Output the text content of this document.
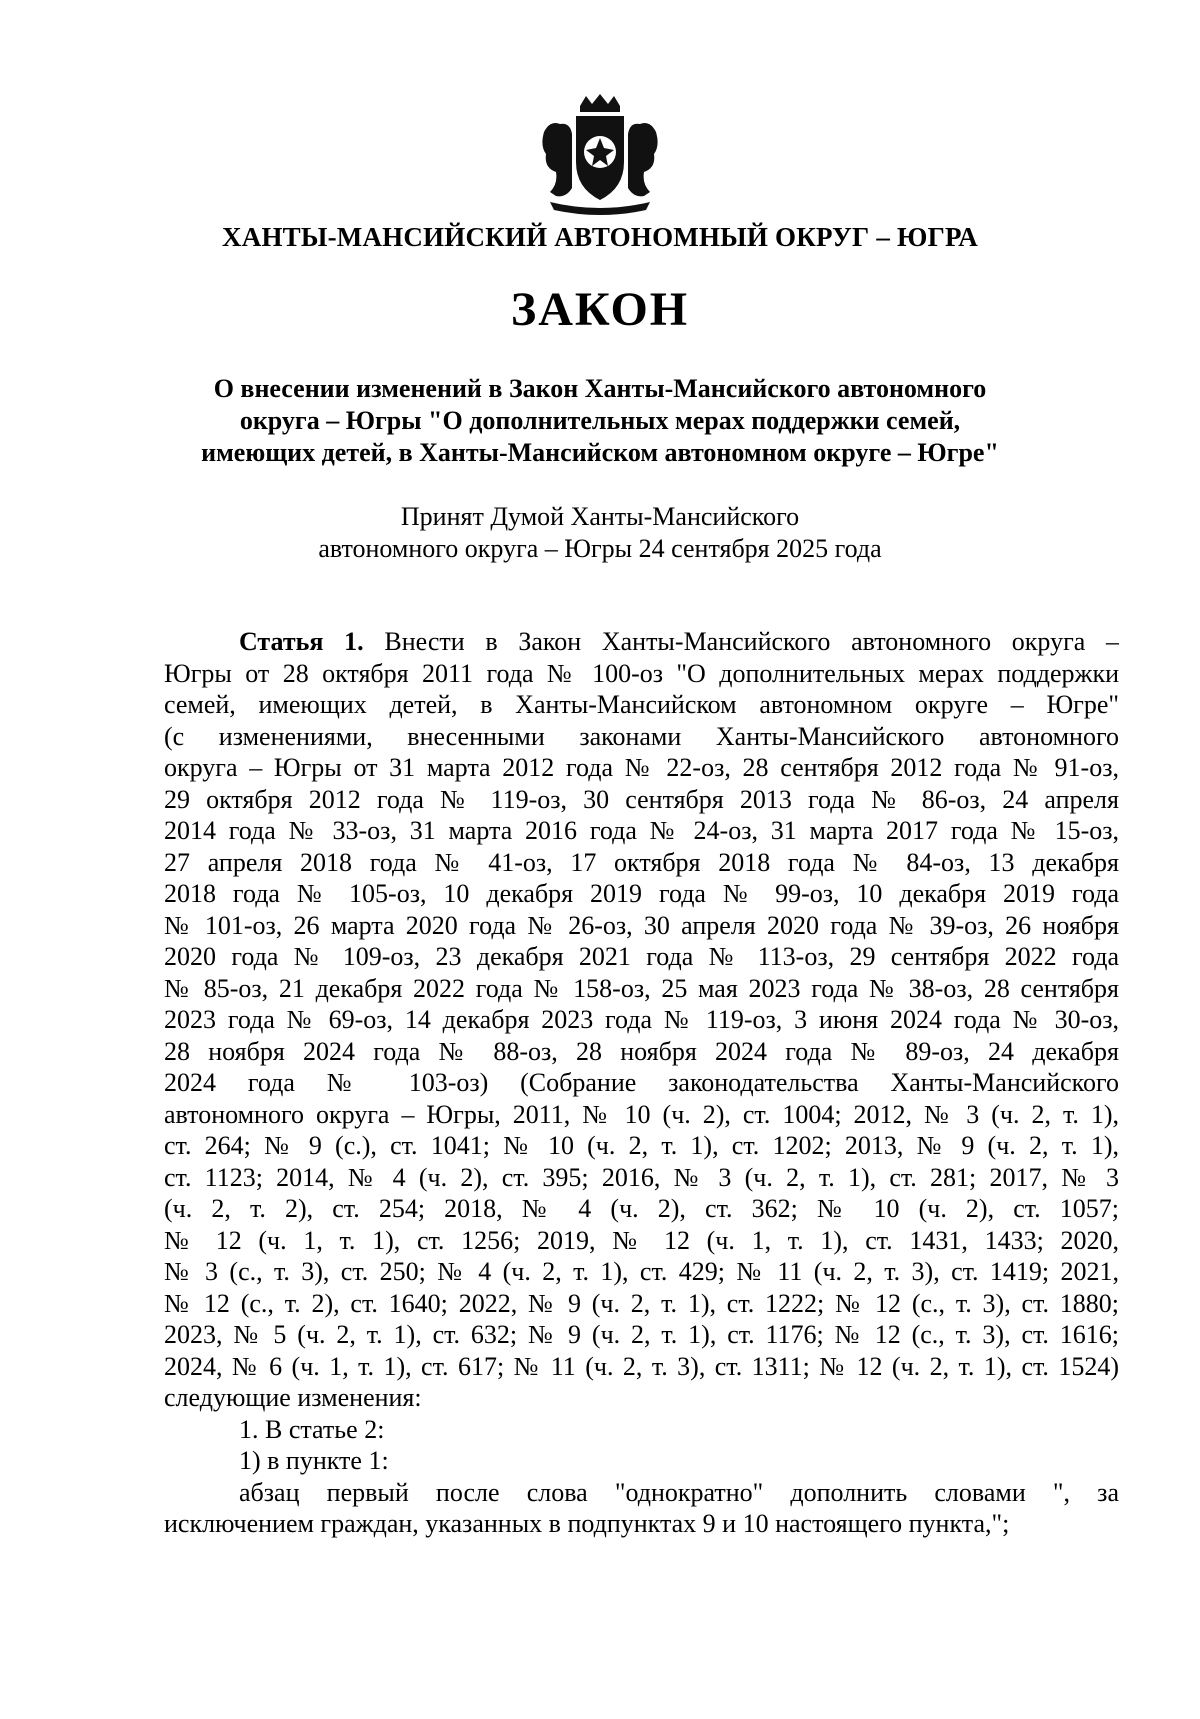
ХАНТЫ-МАНСИЙСКИЙ АВТОНОМНЫЙ ОКРУГ – ЮГРА
ЗАКОН
О внесении изменений в Закон Ханты-Мансийского автономного
округа – Югры "О дополнительных мерах поддержки семей,
имеющих детей, в Ханты-Мансийском автономном округе – Югре"
Принят Думой Ханты-Мансийского
автономного округа – Югры 24 сентября 2025 года
Статья 1. Внести в Закон Ханты-Мансийского автономного округа –
Югры от 28 октября 2011 года № 100-оз "О дополнительных мерах поддержки
семей, имеющих детей, в Ханты-Мансийском автономном округе – Югре"
(с изменениями, внесенными законами Ханты-Мансийского автономного
округа – Югры от 31 марта 2012 года № 22-оз, 28 сентября 2012 года № 91-оз,
29 октября 2012 года № 119-оз, 30 сентября 2013 года № 86-оз, 24 апреля
2014 года № 33-оз, 31 марта 2016 года № 24-оз, 31 марта 2017 года № 15-оз,
27 апреля 2018 года № 41-оз, 17 октября 2018 года № 84-оз, 13 декабря
2018 года № 105-оз, 10 декабря 2019 года № 99-оз, 10 декабря 2019 года
№ 101-оз, 26 марта 2020 года № 26-оз, 30 апреля 2020 года № 39-оз, 26 ноября
2020 года № 109-оз, 23 декабря 2021 года № 113-оз, 29 сентября 2022 года
№ 85-оз, 21 декабря 2022 года № 158-оз, 25 мая 2023 года № 38-оз, 28 сентября
2023 года № 69-оз, 14 декабря 2023 года № 119-оз, 3 июня 2024 года № 30-оз,
28 ноября 2024 года № 88-оз, 28 ноября 2024 года № 89-оз, 24 декабря
2024 года № 103-оз) (Собрание законодательства Ханты-Мансийского
автономного округа – Югры, 2011, № 10 (ч. 2), ст. 1004; 2012, № 3 (ч. 2, т. 1),
ст. 264; № 9 (с.), ст. 1041; № 10 (ч. 2, т. 1), ст. 1202; 2013, № 9 (ч. 2, т. 1),
ст. 1123; 2014, № 4 (ч. 2), ст. 395; 2016, № 3 (ч. 2, т. 1), ст. 281; 2017, № 3
(ч. 2, т. 2), ст. 254; 2018, № 4 (ч. 2), ст. 362; № 10 (ч. 2), ст. 1057;
№ 12 (ч. 1, т. 1), ст. 1256; 2019, № 12 (ч. 1, т. 1), ст. 1431, 1433; 2020,
№ 3 (с., т. 3), ст. 250; № 4 (ч. 2, т. 1), ст. 429; № 11 (ч. 2, т. 3), ст. 1419; 2021,
№ 12 (с., т. 2), ст. 1640; 2022, № 9 (ч. 2, т. 1), ст. 1222; № 12 (с., т. 3), ст. 1880;
2023, № 5 (ч. 2, т. 1), ст. 632; № 9 (ч. 2, т. 1), ст. 1176; № 12 (с., т. 3), ст. 1616;
2024, № 6 (ч. 1, т. 1), ст. 617; № 11 (ч. 2, т. 3), ст. 1311; № 12 (ч. 2, т. 1), ст. 1524)
следующие изменения:
1. В статье 2:
1) в пункте 1:
абзац первый после слова "однократно" дополнить словами ", за
исключением граждан, указанных в подпунктах 9 и 10 настоящего пункта,";
